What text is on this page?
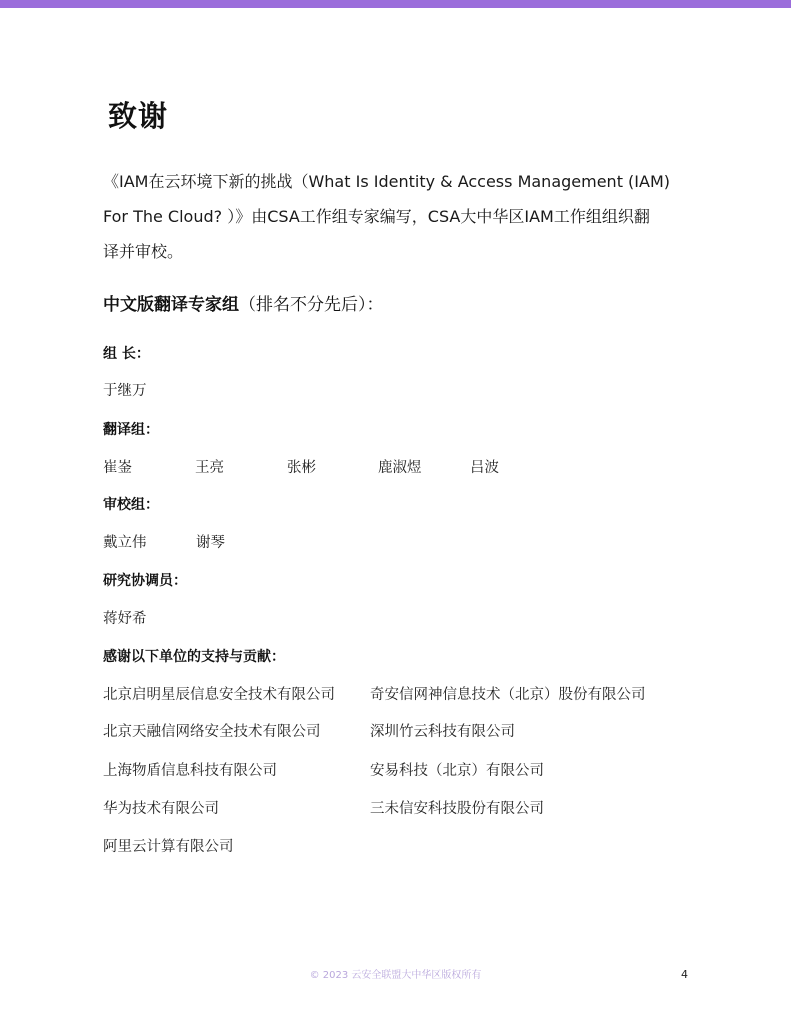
致谢
《IAM在云环境下新的挑战（What Is Identity & Access Management (IAM)
For The Cloud? ）》由CSA工作组专家编写，CSA大中华区IAM工作组组织翻
译并审校。
中文版翻译专家组（排名不分先后）：
组 长：
于继万
翻译组：
崔崟	王亮	张彬	鹿淑煜	吕波
审校组：
戴立伟	谢琴
研究协调员：
蒋妤希
感谢以下单位的支持与贡献：
北京启明星辰信息安全技术有限公司 奇安信网神信息技术（北京）股份有限公司
北京天融信网络安全技术有限公司	深圳竹云科技有限公司
上海物盾信息科技有限公司	安易科技（北京）有限公司
华为技术有限公司	三未信安科技股份有限公司
阿里云计算有限公司
© 2023 云安全联盟大中华区版权所有	4
